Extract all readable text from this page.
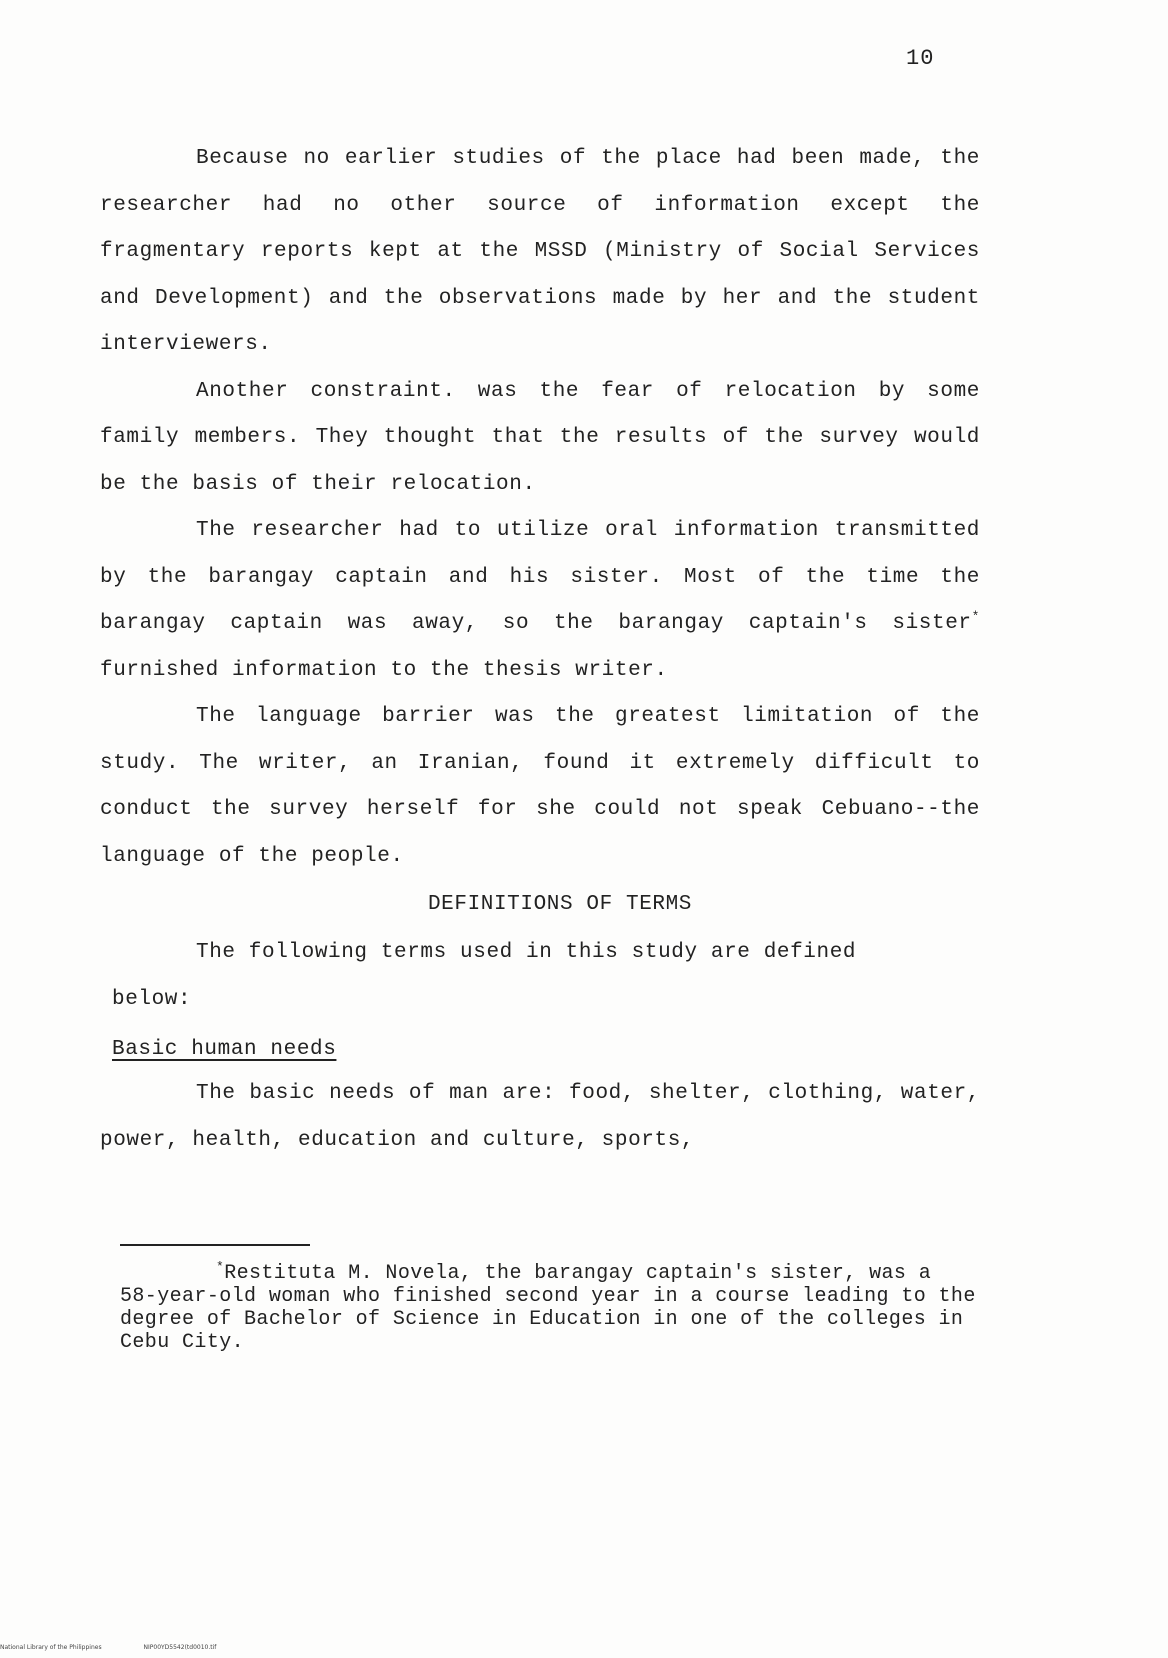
10

Because no earlier studies of the place had been made, the researcher had no other source of information except the fragmentary reports kept at the MSSD (Ministry of Social Services and Development) and the observations made by her and the student interviewers.

Another constraint. was the fear of relocation by some family members. They thought that the results of the survey would be the basis of their relocation.

The researcher had to utilize oral information transmitted by the barangay captain and his sister. Most of the time the barangay captain was away, so the barangay captain's sister* furnished information to the thesis writer.

The language barrier was the greatest limitation of the study. The writer, an Iranian, found it extremely difficult to conduct the survey herself for she could not speak Cebuano--the language of the people.

DEFINITIONS OF TERMS

The following terms used in this study are defined

below:

Basic human needs

The basic needs of man are: food, shelter, clothing, water, power, health, education and culture, sports,

*Restituta M. Novela, the barangay captain's sister, was a 58-year-old woman who finished second year in a course leading to the degree of Bachelor of Science in Education in one of the colleges in Cebu City.

National Library of the Philippines	NIP00YD5542(td0010.tif
